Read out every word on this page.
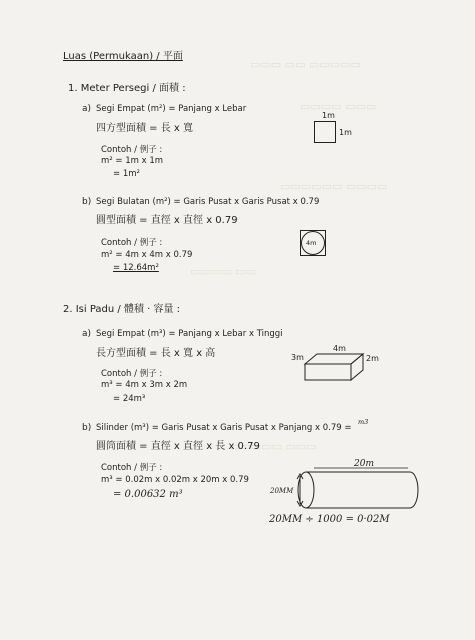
▭▭▭ ▭▭ ▭▭▭▭▭
▭▭▭▭ ▭▭▭
▭▭▭▭▭▭ ▭▭▭▭
▭▭▭▭ ▭▭
▭▭▭▭▭ ▭▭▭
Luas (Permukaan) / 平面
1. Meter Persegi / 面積 :
a) Segi Empat (m²) = Panjang x Lebar
四方型面積 = 長 x 寬
Contoh / 例子 :
m² = 1m x 1m
= 1m²
1m
1m
b) Segi Bulatan (m²) = Garis Pusat x Garis Pusat x 0.79
圓型面積 = 直徑 x 直徑 x 0.79
Contoh / 例子 :
m² = 4m x 4m x 0.79
= 12.64m²
4m
2. Isi Padu / 體積 · 容量 :
a) Segi Empat (m³) = Panjang x Lebar x Tinggi
長方型面積 = 長 x 寬 x 高
Contoh / 例子 :
m³ = 4m x 3m x 2m
= 24m³
4m
3m	2m
b) Silinder (m³) = Garis Pusat x Garis Pusat x Panjang x 0.79 =
m3
圓筒面積 = 直徑 x 直徑 x 長 x 0.79
Contoh / 例子 :
m³ = 0.02m x 0.02m x 20m x 0.79
= 0.00632 m³
20m
20MM
20MM ÷ 1000 = 0·02M
